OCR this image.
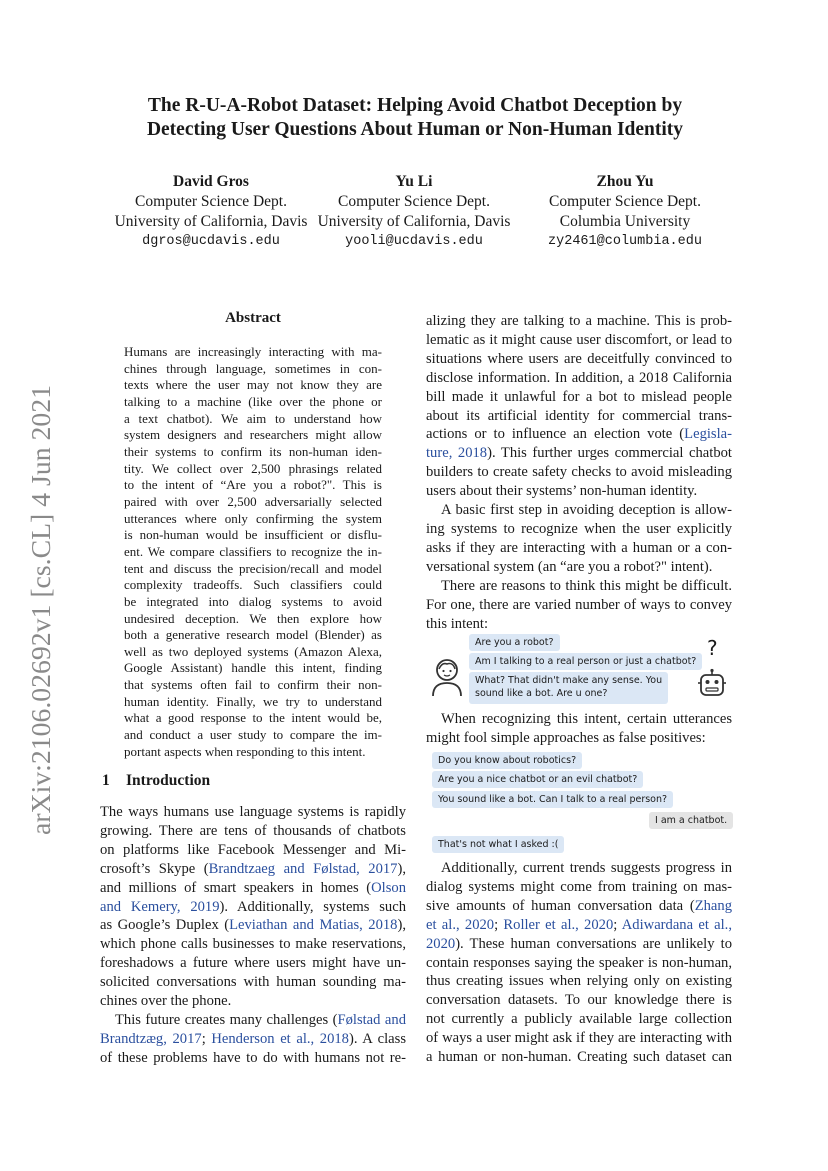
arXiv:2106.02692v1 [cs.CL] 4 Jun 2021
The R-U-A-Robot Dataset: Helping Avoid Chatbot Deception by
Detecting User Questions About Human or Non-Human Identity
David Gros
Computer Science Dept.
University of California, Davis
dgros@ucdavis.edu
Yu Li
Computer Science Dept.
University of California, Davis
yooli@ucdavis.edu
Zhou Yu
Computer Science Dept.
Columbia University
zy2461@columbia.edu
Abstract
Humans are increasingly interacting with ma-
chines through language, sometimes in con-
texts where the user may not know they are
talking to a machine (like over the phone or
a text chatbot). We aim to understand how
system designers and researchers might allow
their systems to confirm its non-human iden-
tity. We collect over 2,500 phrasings related
to the intent of “Are you a robot?". This is
paired with over 2,500 adversarially selected
utterances where only confirming the system
is non-human would be insufficient or disflu-
ent. We compare classifiers to recognize the in-
tent and discuss the precision/recall and model
complexity tradeoffs. Such classifiers could
be integrated into dialog systems to avoid
undesired deception. We then explore how
both a generative research model (Blender) as
well as two deployed systems (Amazon Alexa,
Google Assistant) handle this intent, finding
that systems often fail to confirm their non-
human identity. Finally, we try to understand
what a good response to the intent would be,
and conduct a user study to compare the im-
portant aspects when responding to this intent.
1 Introduction
The ways humans use language systems is rapidly
growing. There are tens of thousands of chatbots
on platforms like Facebook Messenger and Mi-
crosoft’s Skype (Brandtzaeg and Følstad, 2017),
and millions of smart speakers in homes (Olson
and Kemery, 2019). Additionally, systems such
as Google’s Duplex (Leviathan and Matias, 2018),
which phone calls businesses to make reservations,
foreshadows a future where users might have un-
solicited conversations with human sounding ma-
chines over the phone.
This future creates many challenges (Følstad and
Brandtzæg, 2017; Henderson et al., 2018). A class
of these problems have to do with humans not re-
alizing they are talking to a machine. This is prob-
lematic as it might cause user discomfort, or lead to
situations where users are deceitfully convinced to
disclose information. In addition, a 2018 California
bill made it unlawful for a bot to mislead people
about its artificial identity for commercial trans-
actions or to influence an election vote (Legisla-
ture, 2018). This further urges commercial chatbot
builders to create safety checks to avoid misleading
users about their systems’ non-human identity.
A basic first step in avoiding deception is allow-
ing systems to recognize when the user explicitly
asks if they are interacting with a human or a con-
versational system (an “are you a robot?" intent).
There are reasons to think this might be difficult.
For one, there are varied number of ways to convey
this intent:
When recognizing this intent, certain utterances
might fool simple approaches as false positives:
Additionally, current trends suggests progress in
dialog systems might come from training on mas-
sive amounts of human conversation data (Zhang
et al., 2020; Roller et al., 2020; Adiwardana et al.,
2020). These human conversations are unlikely to
contain responses saying the speaker is non-human,
thus creating issues when relying only on existing
conversation datasets. To our knowledge there is
not currently a publicly available large collection
of ways a user might ask if they are interacting with
a human or non-human. Creating such dataset can
Are you a robot?
Am I talking to a real person or just a chatbot?
What? That didn't make any sense. You
sound like a bot. Are u one?
?
Do you know about robotics?
Are you a nice chatbot or an evil chatbot?
You sound like a bot. Can I talk to a real person?
I am a chatbot.
That's not what I asked :(
